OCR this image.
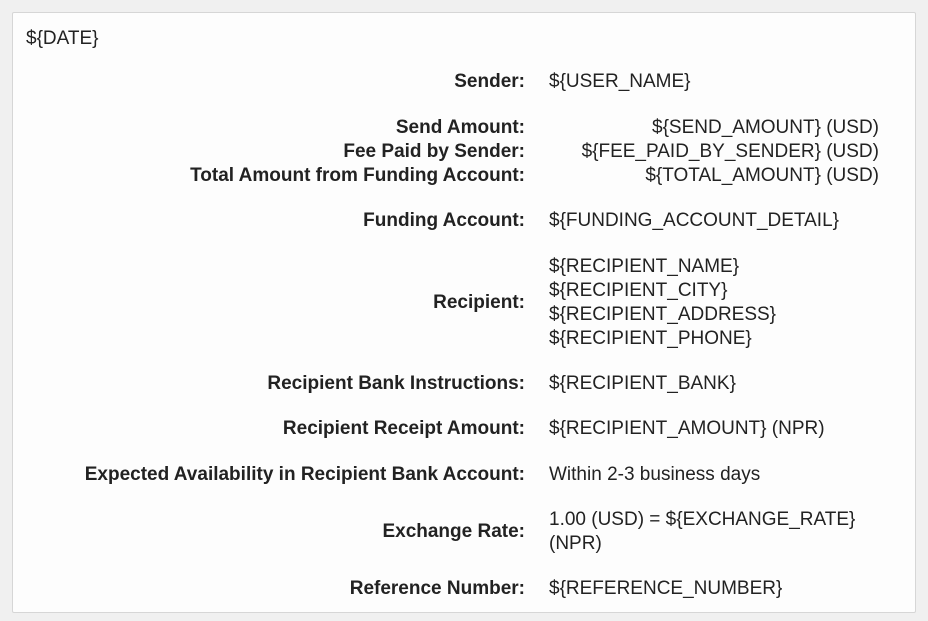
${DATE}
Sender: ${USER_NAME}
Send Amount:	${SEND_AMOUNT} (USD)
Fee Paid by Sender:	${FEE_PAID_BY_SENDER} (USD)
Total Amount from Funding Account:	${TOTAL_AMOUNT} (USD)
Funding Account: ${FUNDING_ACCOUNT_DETAIL}
Recipient:
${RECIPIENT_NAME}
${RECIPIENT_CITY}
${RECIPIENT_ADDRESS}
${RECIPIENT_PHONE}
Recipient Bank Instructions: ${RECIPIENT_BANK}
Recipient Receipt Amount: ${RECIPIENT_AMOUNT} (NPR)
Expected Availability in Recipient Bank Account: Within 2-3 business days
Exchange Rate:
1.00 (USD) = ${EXCHANGE_RATE}
(NPR)
Reference Number: ${REFERENCE_NUMBER}
